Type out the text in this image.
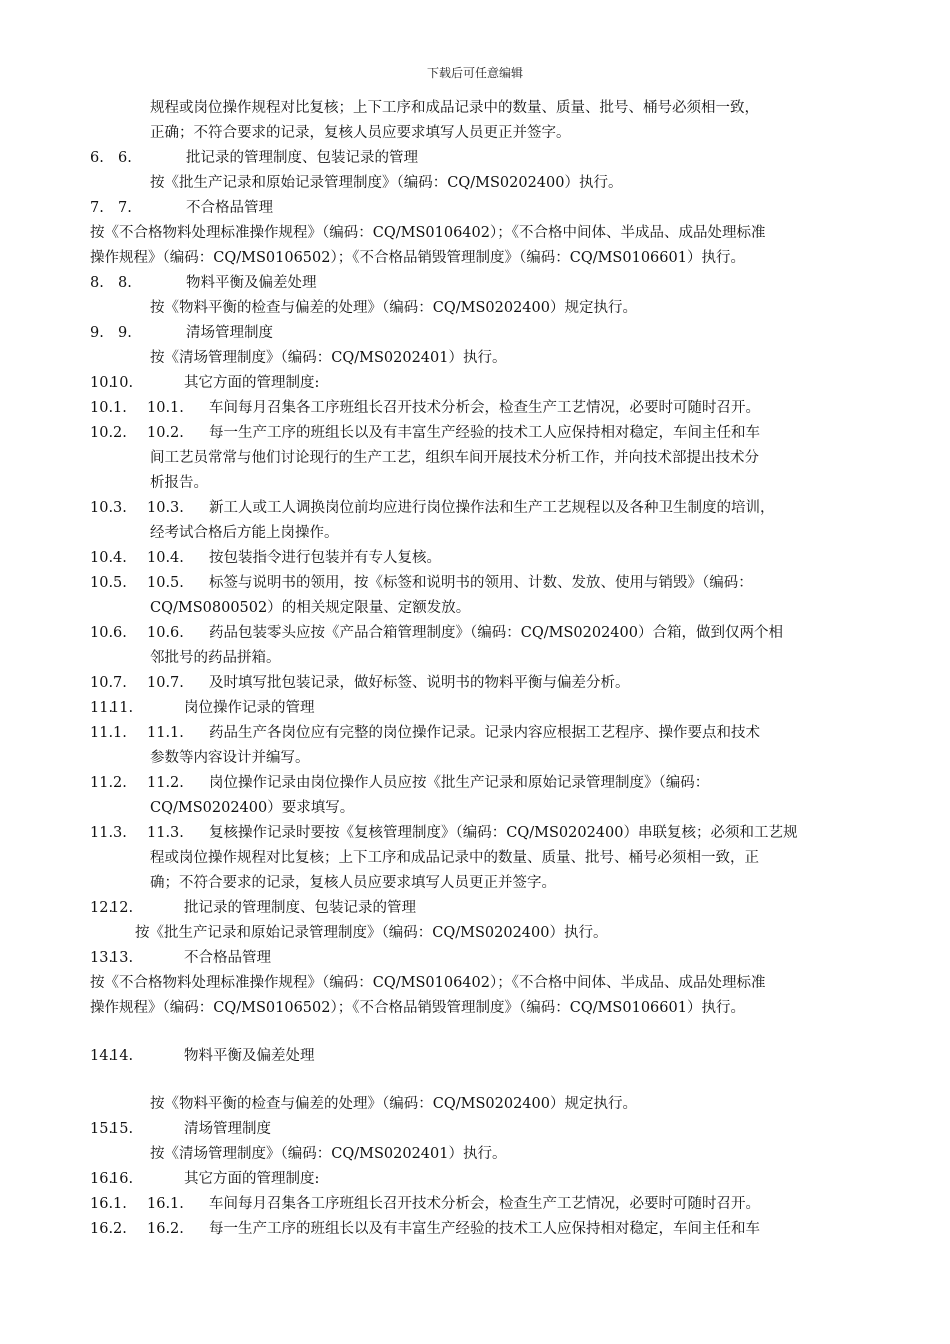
下载后可任意编辑
规程或岗位操作规程对比复核；上下工序和成品记录中的数量、质量、批号、桶号必须相一致，
正确；不符合要求的记录，复核人员应要求填写人员更正并签字。
6. 6.	批记录的管理制度、包装记录的管理
按《批生产记录和原始记录管理制度》（编码：CQ/MS0202400）执行。
7. 7.	不合格品管理
按《不合格物料处理标准操作规程》（编码：CQ/MS0106402）；《不合格中间体、半成品、成品处理标准
操作规程》（编码：CQ/MS0106502）；《不合格品销毁管理制度》（编码：CQ/MS0106601）执行。
8. 8.	物料平衡及偏差处理
按《物料平衡的检查与偏差的处理》（编码：CQ/MS0202400）规定执行。
9. 9.	清场管理制度
按《清场管理制度》（编码：CQ/MS0202401）执行。
10.
10.	其它方面的管理制度:
10.1. 10.1. 车间每月召集各工序班组长召开技术分析会，检查生产工艺情况，必要时可随时召开。
10.2. 10.2. 每一生产工序的班组长以及有丰富生产经验的技术工人应保持相对稳定，车间主任和车
间工艺员常常与他们讨论现行的生产工艺，组织车间开展技术分析工作，并向技术部提出技术分
析报告。
10.3. 10.3. 新工人或工人调换岗位前均应进行岗位操作法和生产工艺规程以及各种卫生制度的培训，
经考试合格后方能上岗操作。
10.4. 10.4. 按包装指令进行包装并有专人复核。
10.5. 10.5. 标签与说明书的领用，按《标签和说明书的领用、计数、发放、使用与销毁》（编码：
CQ/MS0800502）的相关规定限量、定额发放。
10.6. 10.6. 药品包装零头应按《产品合箱管理制度》（编码：CQ/MS0202400）合箱，做到仅两个相
邻批号的药品拼箱。
10.7. 10.7. 及时填写批包装记录，做好标签、说明书的物料平衡与偏差分析。
11.
11.	岗位操作记录的管理
11.1. 11.1. 药品生产各岗位应有完整的岗位操作记录。记录内容应根据工艺程序、操作要点和技术
参数等内容设计并编写。
11.2. 11.2. 岗位操作记录由岗位操作人员应按《批生产记录和原始记录管理制度》（编码：
CQ/MS0202400）要求填写。
11.3. 11.3. 复核操作记录时要按《复核管理制度》（编码：CQ/MS0202400）串联复核；必须和工艺规
程或岗位操作规程对比复核；上下工序和成品记录中的数量、质量、批号、桶号必须相一致，正
确；不符合要求的记录，复核人员应要求填写人员更正并签字。
12.
12.	批记录的管理制度、包装记录的管理
按《批生产记录和原始记录管理制度》（编码：CQ/MS0202400）执行。
13.
13.	不合格品管理
按《不合格物料处理标准操作规程》（编码：CQ/MS0106402）；《不合格中间体、半成品、成品处理标准
操作规程》（编码：CQ/MS0106502）；《不合格品销毁管理制度》（编码：CQ/MS0106601）执行。
14.
14.	物料平衡及偏差处理
按《物料平衡的检查与偏差的处理》（编码：CQ/MS0202400）规定执行。
15.
15.	清场管理制度
按《清场管理制度》（编码：CQ/MS0202401）执行。
16.
16.	其它方面的管理制度:
16.1. 16.1. 车间每月召集各工序班组长召开技术分析会，检查生产工艺情况，必要时可随时召开。
16.2. 16.2. 每一生产工序的班组长以及有丰富生产经验的技术工人应保持相对稳定，车间主任和车
